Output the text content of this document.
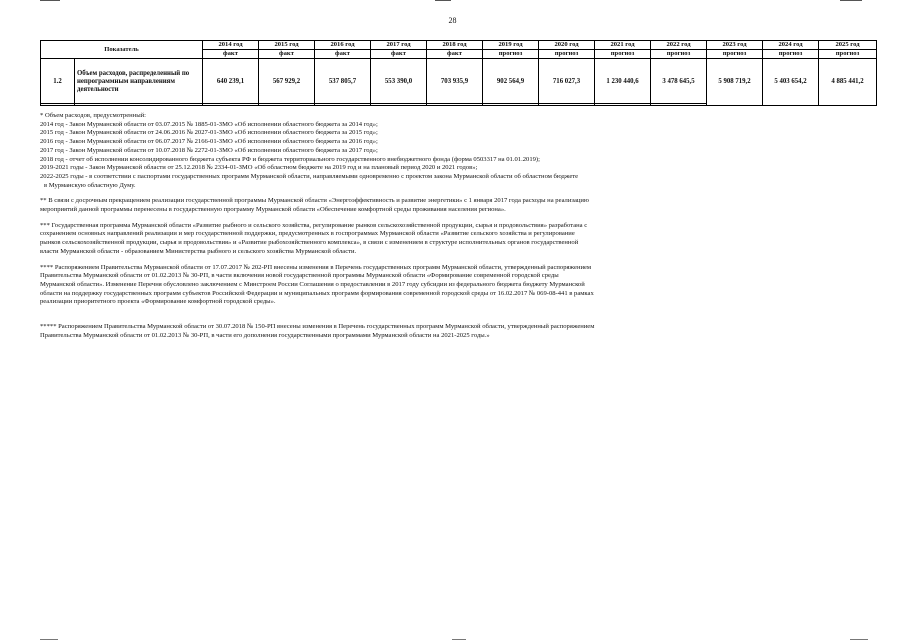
28
Показатель		2014 год	2015 год	2016 год	2017 год	2018 год	2019 год	2020 год	2021 год	2022 год	2023 год	2024 год	2025 год
		факт	факт	факт	факт	факт	прогноз	прогноз	прогноз	прогноз	прогноз	прогноз	прогноз
1.2	Объем расходов, распределенный по непрограммным направлениям деятельности	640 239,1	567 929,2	537 805,7	553 390,0	703 935,9	902 564,9	716 027,3	1 230 440,6	3 478 645,5	5 908 719,2	5 403 654,2	4 885 441,2

* Объем расходов, предусмотренный:

2014 год - Закон Мурманской области от 03.07.2015 № 1885-01-ЗМО «Об исполнении областного бюджета за 2014 год»;

2015 год - Закон Мурманской области от 24.06.2016 № 2027-01-ЗМО «Об исполнении областного бюджета за 2015 год»;

2016 год - Закон Мурманской области от 06.07.2017 № 2166-01-ЗМО «Об исполнении областного бюджета за 2016 год»;

2017 год - Закон Мурманской области от 10.07.2018 № 2272-01-ЗМО «Об исполнении областного бюджета за 2017 год»;

2018 год - отчет об исполнении консолидированного бюджета субъекта РФ и бюджета территориального государственного внебюджетного фонда (форма 0503317 на 01.01.2019);

2019-2021 годы - Закон Мурманской области от 25.12.2018 № 2334-01-ЗМО «Об областном бюджете на 2019 год и на плановый период 2020 и 2021 годов»;

2022-2025 годы - в соответствии с паспортами государственных программ Мурманской области, направляемыми одновременно с проектом закона Мурманской области об областном бюджете

в Мурманскую областную Думу.

** В связи с досрочным прекращением реализации государственной программы Мурманской области «Энергоэффективность и развитие энергетики» с 1 января 2017 года расходы на реализацию

мероприятий данной программы перенесены в государственную программу Мурманской области «Обеспечение комфортной среды проживания населения региона».

*** Государственная программа Мурманской области «Развитие рыбного и сельского хозяйства, регулирование рынков сельскохозяйственной продукции, сырья и продовольствия» разработана с

сохранением основных направлений реализации и мер государственной поддержки, предусмотренных в госпрограммах Мурманской области «Развитие сельского хозяйства и регулирование

рынков сельскохозяйственной продукции, сырья и продовольствия» и «Развитие рыбохозяйственного комплекса», в связи с изменением в структуре исполнительных органов государственной

власти Мурманской области - образованием Министерства рыбного и сельского хозяйства Мурманской области.

**** Распоряжением Правительства Мурманской области от 17.07.2017 № 202-РП внесены изменения в Перечень государственных программ Мурманской области, утвержденный распоряжением

Правительства Мурманской области от 01.02.2013 № 30-РП, в части включения новой государственной программы Мурманской области «Формирование современной городской среды

Мурманской области». Изменение Перечня обусловлено заключением с Минстроем России Соглашения о предоставлении в 2017 году субсидии из федерального бюджета бюджету Мурманской

области на поддержку государственных программ субъектов Российской Федерации и муниципальных программ формирования современной городской среды от 16.02.2017 № 069-08-441 в рамках

реализации приоритетного проекта «Формирование комфортной городской среды».

***** Распоряжением Правительства Мурманской области от 30.07.2018 № 150-РП внесены изменения в Перечень государственных программ Мурманской области, утвержденный распоряжением

Правительства Мурманской области от 01.02.2013 № 30-РП, в части его дополнения государственными программами Мурманской области на 2021-2025 годы.»
